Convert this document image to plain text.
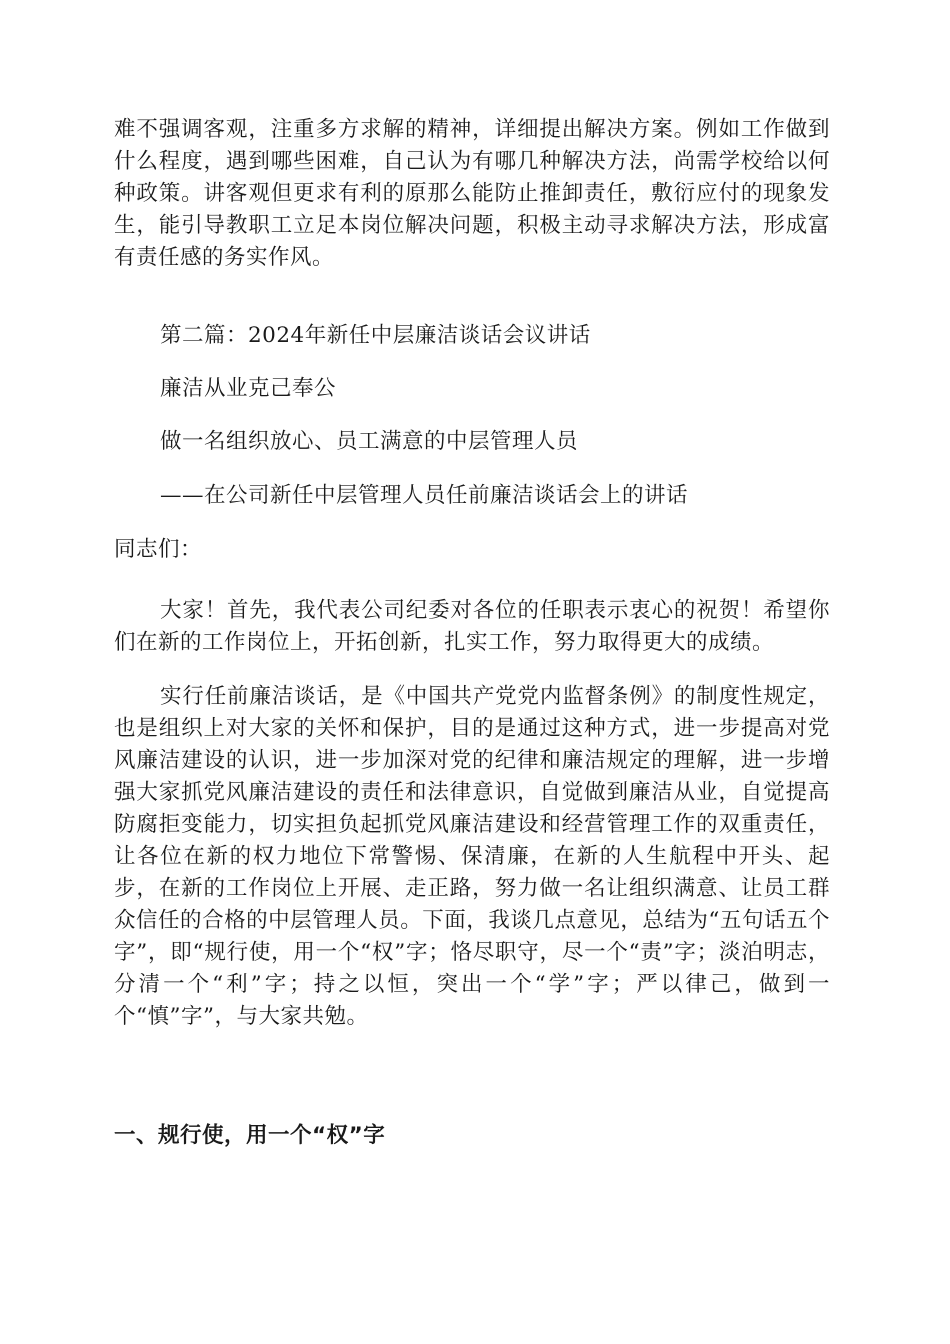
难不强调客观，注重多方求解的精神，详细提出解决方案。例如工作做到什么程度，遇到哪些困难，自己认为有哪几种解决方法，尚需学校给以何种政策。讲客观但更求有利的原那么能防止推卸责任，敷衍应付的现象发生，能引导教职工立足本岗位解决问题，积极主动寻求解决方法，形成富有责任感的务实作风。

第二篇：2024年新任中层廉洁谈话会议讲话

廉洁从业克己奉公

做一名组织放心、员工满意的中层管理人员

——在公司新任中层管理人员任前廉洁谈话会上的讲话

同志们：

大家！首先，我代表公司纪委对各位的任职表示衷心的祝贺！希望你们在新的工作岗位上，开拓创新，扎实工作，努力取得更大的成绩。

实行任前廉洁谈话，是《中国共产党党内监督条例》的制度性规定，也是组织上对大家的关怀和保护，目的是通过这种方式，进一步提高对党风廉洁建设的认识，进一步加深对党的纪律和廉洁规定的理解，进一步增强大家抓党风廉洁建设的责任和法律意识，自觉做到廉洁从业，自觉提高防腐拒变能力，切实担负起抓党风廉洁建设和经营管理工作的双重责任，让各位在新的权力地位下常警惕、保清廉，在新的人生航程中开头、起步，在新的工作岗位上开展、走正路，努力做一名让组织满意、让员工群众信任的合格的中层管理人员。下面，我谈几点意见，总结为“五句话五个字”，即“规行使，用一个“权”字；恪尽职守，尽一个“责”字；淡泊明志，分清一个“利”字；持之以恒，突出一个“学”字；严以律己，做到一个“慎”字”，与大家共勉。

一、规行使，用一个“权”字
